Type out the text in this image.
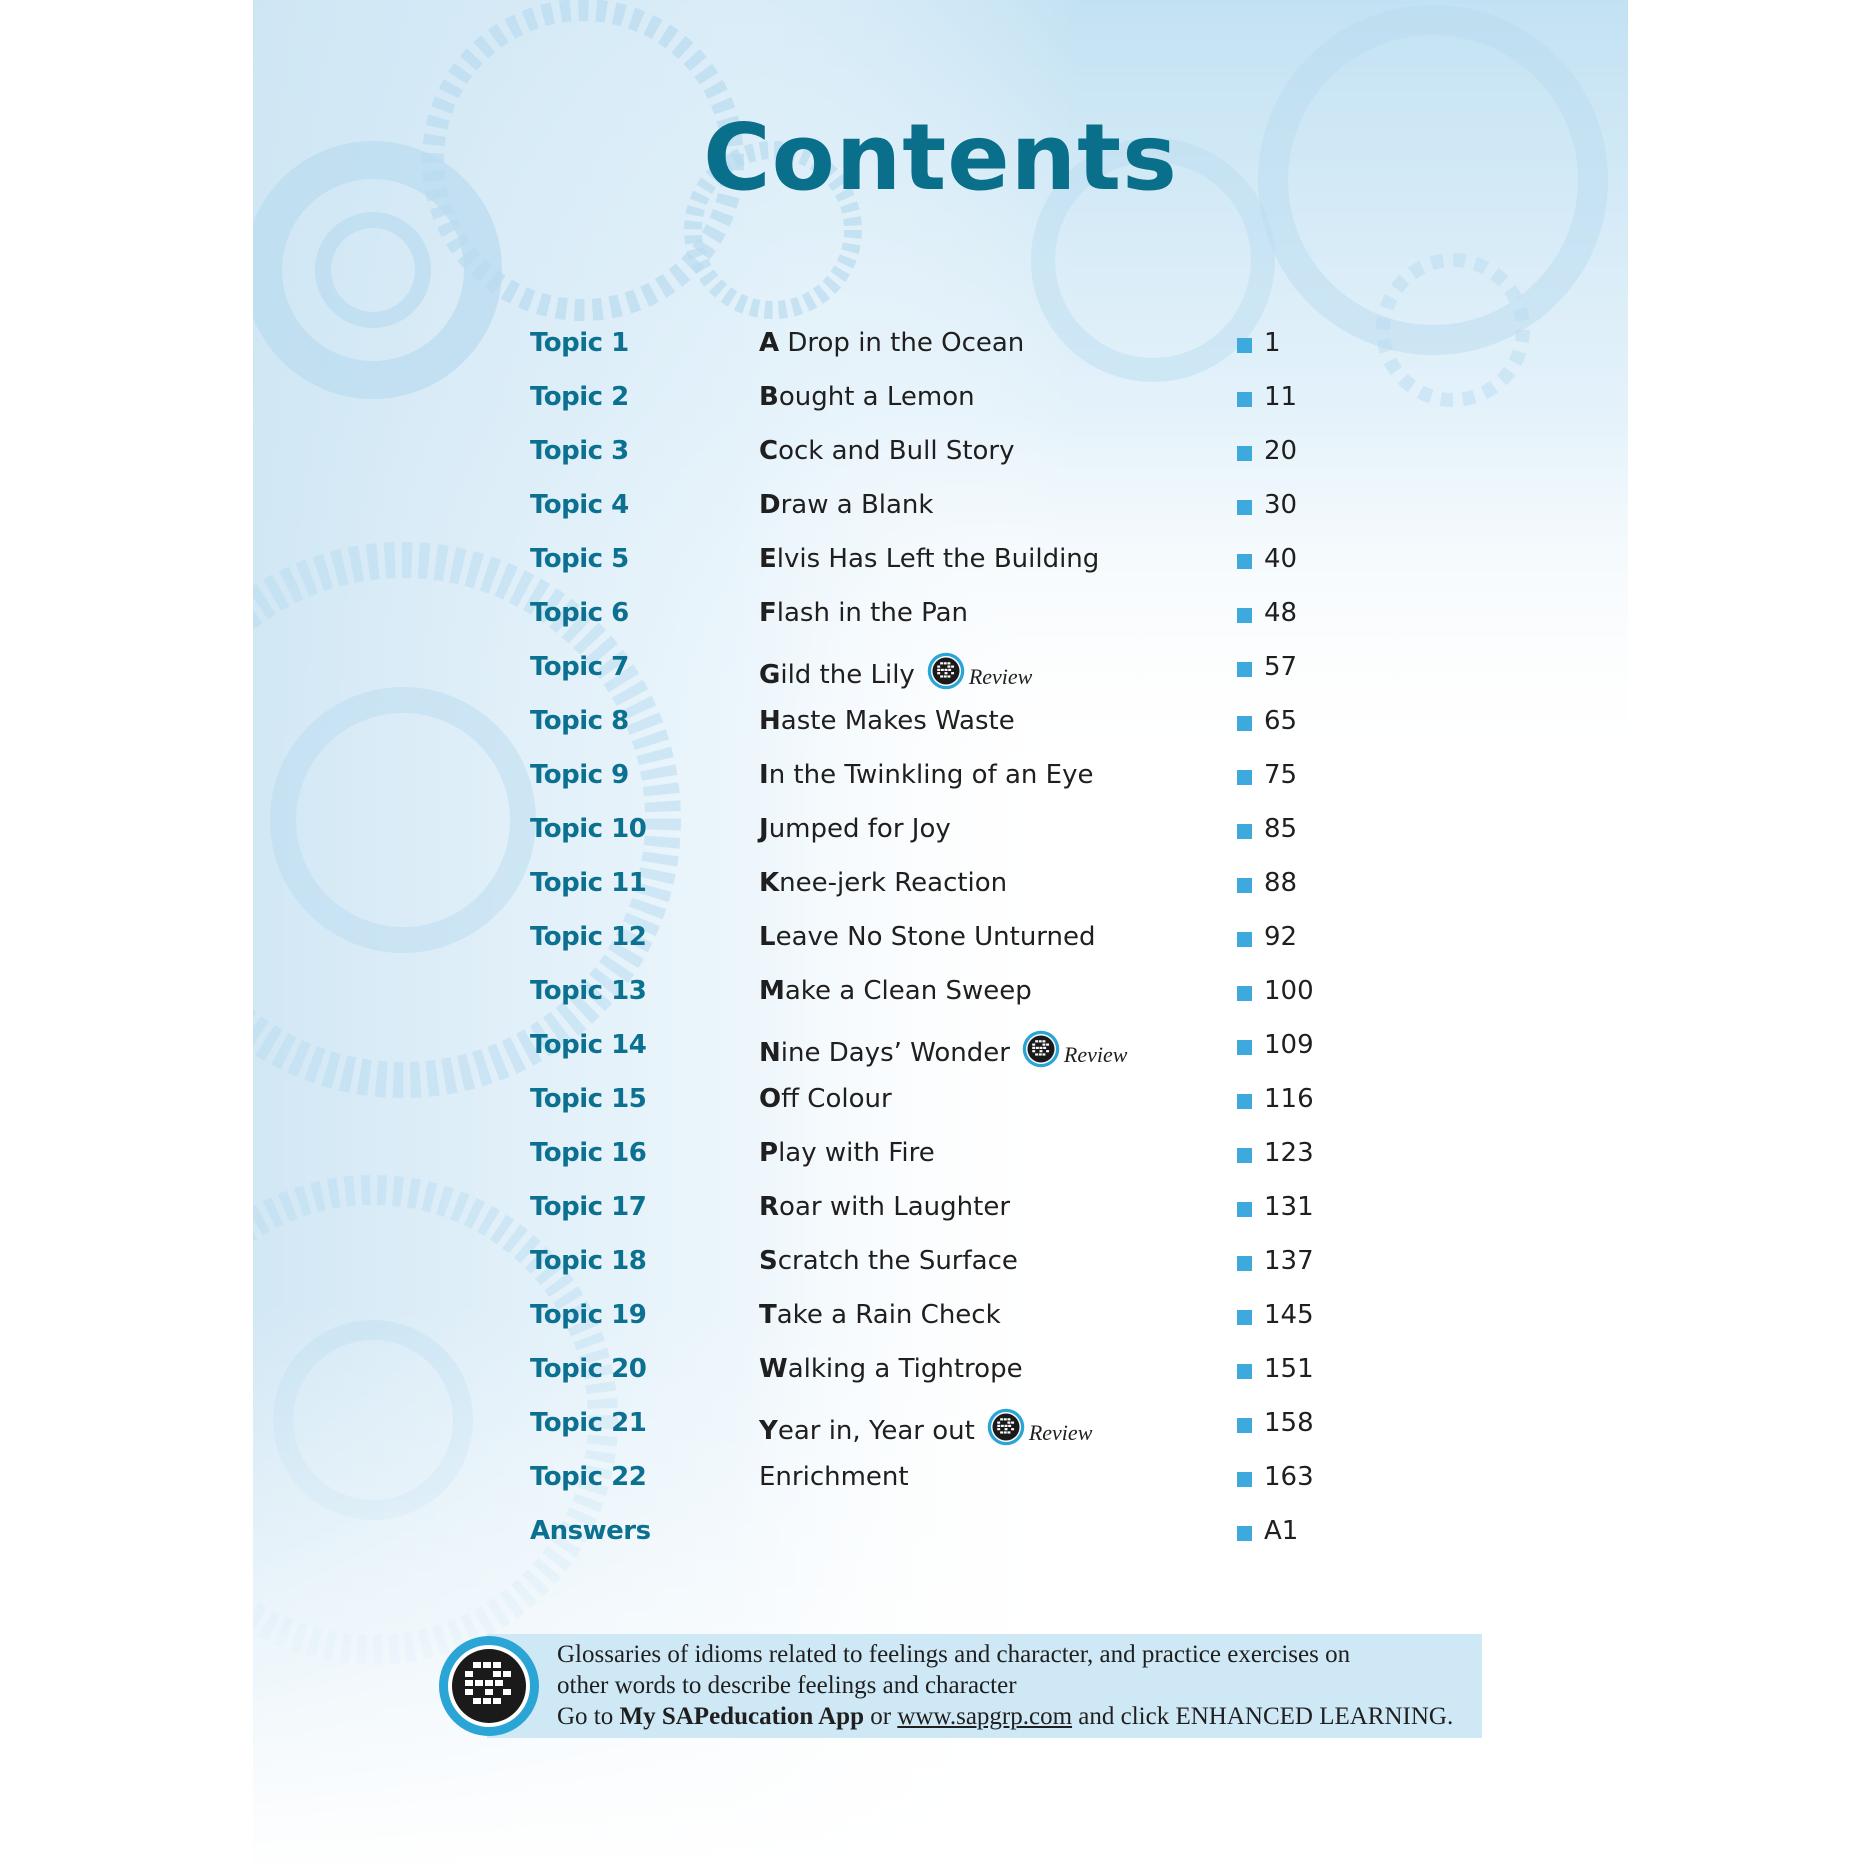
Contents
Topic 1	A Drop in the Ocean	1
Topic 2	B ought a Lemon	11
Topic 3	C ock and Bull Story	20
Topic 4	D raw a Blank	30
Topic 5	E lvis Has Left the Building	40
Topic 6	F lash in the Pan	48
Topic 7	G ild the Lily Review	57
Topic 8	H aste Makes Waste	65
Topic 9	I n the Twinkling of an Eye	75
Topic 10	J umped for Joy	85
Topic 11	K nee-jerk Reaction	88
Topic 12	L eave No Stone Unturned	92
Topic 13	M ake a Clean Sweep	100
Topic 14	N ine Days’ Wonder Review	109
Topic 15	O ff Colour	116
Topic 16	P lay with Fire	123
Topic 17	R oar with Laughter	131
Topic 18	S cratch the Surface	137
Topic 19	T ake a Rain Check	145
Topic 20	W alking a Tightrope	151
Topic 21	Y ear in, Year out Review	158
Topic 22	Enrichment	163
Answers	A1
Glossaries of idioms related to feelings and character, and practice exercises on
other words to describe feelings and character
Go to My SAPeducation App or www.sapgrp.com and click ENHANCED LEARNING.
